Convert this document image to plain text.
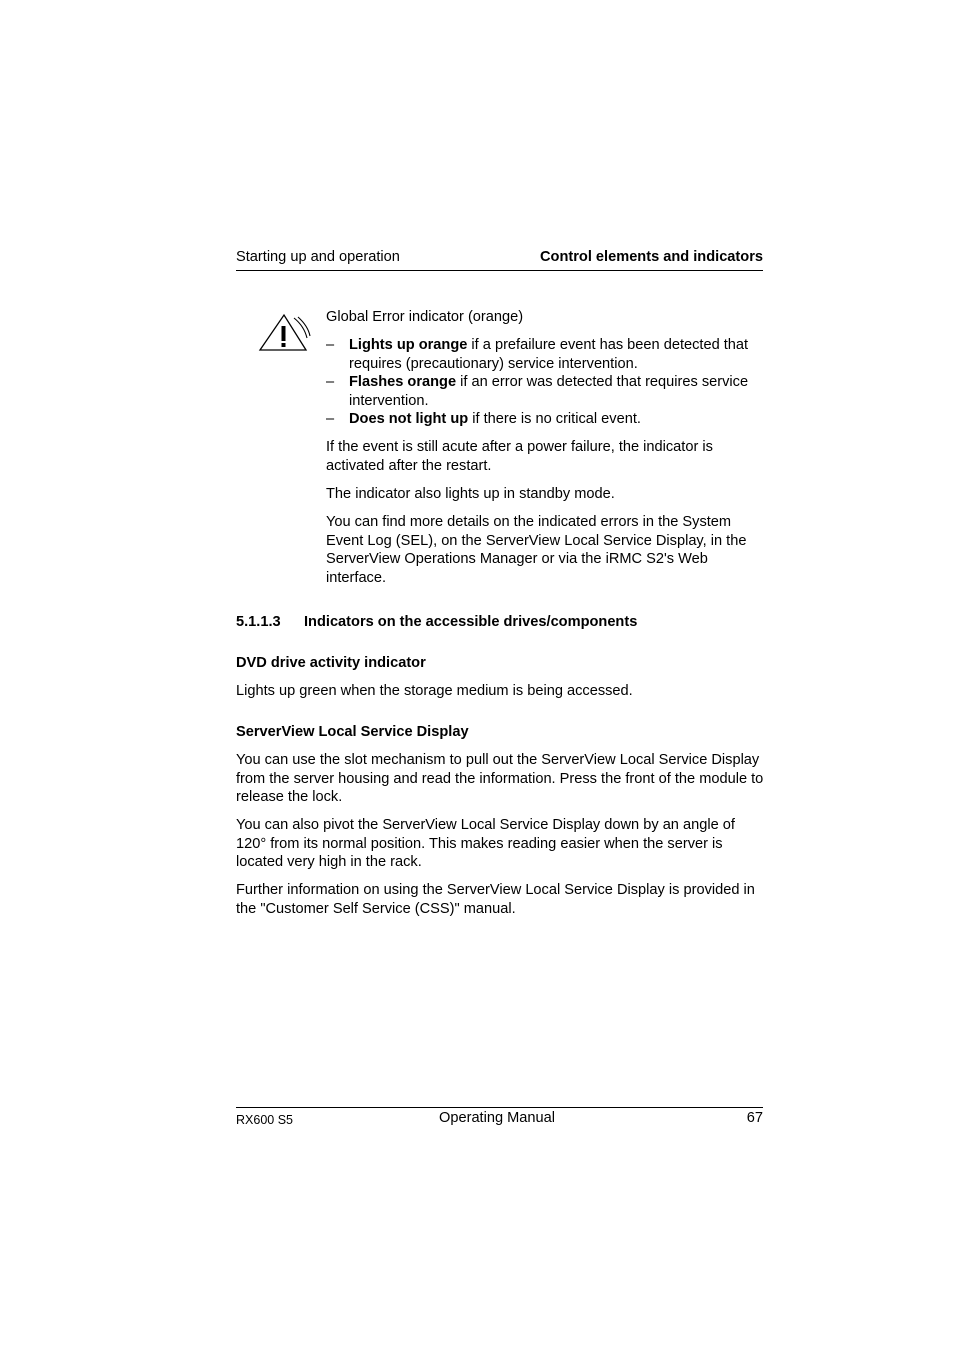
Starting up and operation	Control elements and indicators
Global Error indicator (orange)
– Lights up orange if a prefailure event has been detected that requires (precautionary) service intervention.
– Flashes orange if an error was detected that requires service intervention.
– Does not light up if there is no critical event.
If the event is still acute after a power failure, the indicator is activated after the restart.
The indicator also lights up in standby mode.
You can find more details on the indicated errors in the System Event Log (SEL), on the ServerView Local Service Display, in the ServerView Operations Manager or via the iRMC S2's Web interface.
5.1.1.3 Indicators on the accessible drives/components
DVD drive activity indicator
Lights up green when the storage medium is being accessed.
ServerView Local Service Display
You can use the slot mechanism to pull out the ServerView Local Service Display from the server housing and read the information. Press the front of the module to release the lock.
You can also pivot the ServerView Local Service Display down by an angle of 120° from its normal position. This makes reading easier when the server is located very high in the rack.
Further information on using the ServerView Local Service Display is provided in the "Customer Self Service (CSS)" manual.
RX600 S5	Operating Manual	67
